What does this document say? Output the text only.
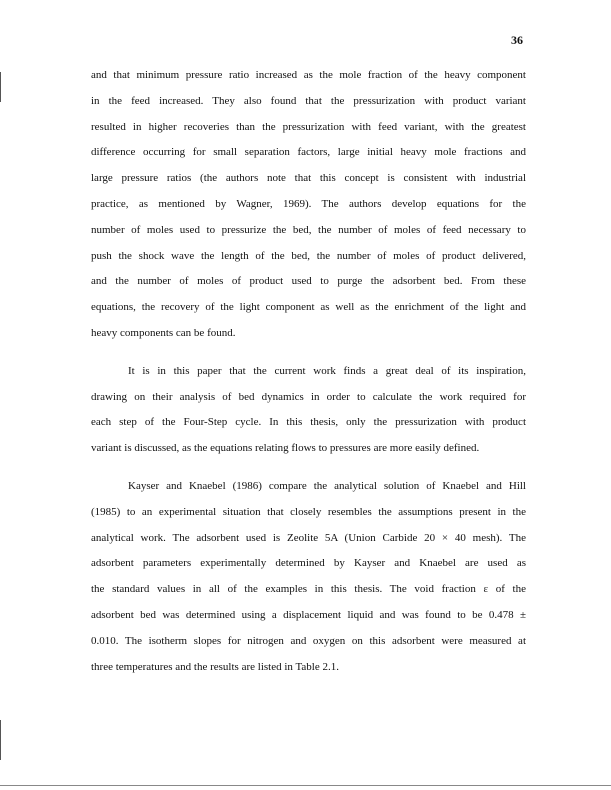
36
and that minimum pressure ratio increased as the mole fraction of the heavy component
in the feed increased. They also found that the pressurization with product variant
resulted in higher recoveries than the pressurization with feed variant, with the greatest
difference occurring for small separation factors, large initial heavy mole fractions and
large pressure ratios (the authors note that this concept is consistent with industrial
practice, as mentioned by Wagner, 1969). The authors develop equations for the
number of moles used to pressurize the bed, the number of moles of feed necessary to
push the shock wave the length of the bed, the number of moles of product delivered,
and the number of moles of product used to purge the adsorbent bed. From these
equations, the recovery of the light component as well as the enrichment of the light and
heavy components can be found.
It is in this paper that the current work finds a great deal of its inspiration,
drawing on their analysis of bed dynamics in order to calculate the work required for
each step of the Four-Step cycle. In this thesis, only the pressurization with product
variant is discussed, as the equations relating flows to pressures are more easily defined.
Kayser and Knaebel (1986) compare the analytical solution of Knaebel and Hill
(1985) to an experimental situation that closely resembles the assumptions present in the
analytical work. The adsorbent used is Zeolite 5A (Union Carbide 20 × 40 mesh). The
adsorbent parameters experimentally determined by Kayser and Knaebel are used as
the standard values in all of the examples in this thesis. The void fraction ε of the
adsorbent bed was determined using a displacement liquid and was found to be 0.478 ±
0.010. The isotherm slopes for nitrogen and oxygen on this adsorbent were measured at
three temperatures and the results are listed in Table 2.1.
